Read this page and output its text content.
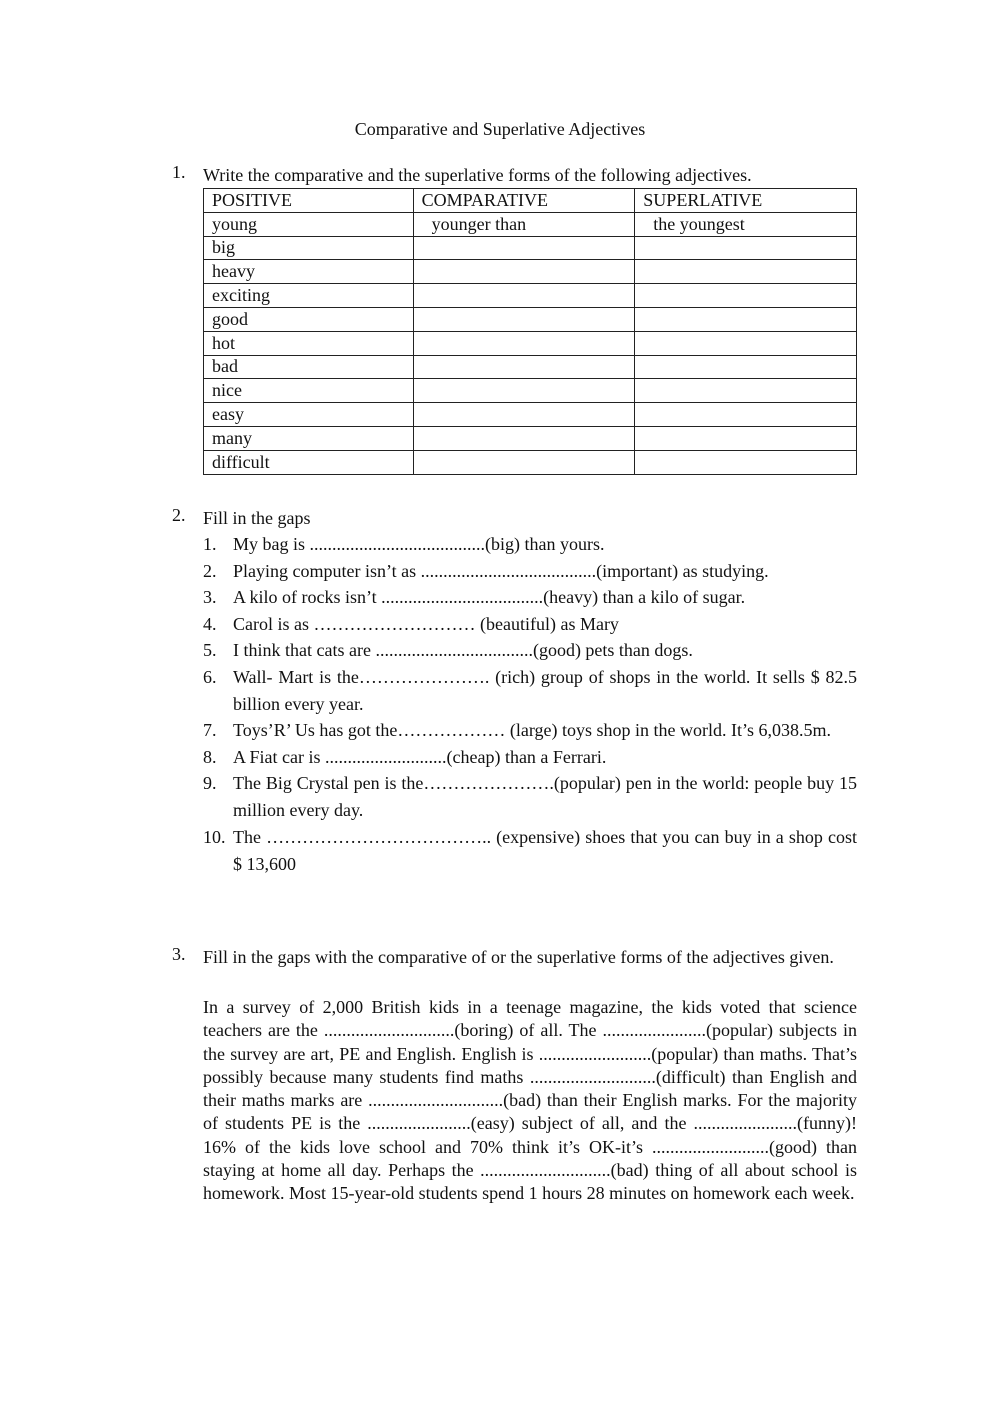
Comparative and Superlative Adjectives
1. Write the comparative and the superlative forms of the following adjectives.
POSITIVE	COMPARATIVE	SUPERLATIVE
young	younger than	the youngest
big		
heavy		
exciting		
good		
hot		
bad		
nice		
easy		
many		
difficult		
2. Fill in the gaps
1. My bag is .......................................(big) than yours.
2. Playing computer isn’t as .......................................(important) as studying.
3. A kilo of rocks isn’t ....................................(heavy) than a kilo of sugar.
4. Carol is as ……………………… (beautiful) as Mary
5. I think that cats are ...................................(good) pets than dogs.
6. Wall- Mart is the…………………. (rich) group of shops in the world. It sells $ 82.5 billion every year.
7. Toys’R’ Us has got the……………… (large) toys shop in the world. It’s 6,038.5m.
8. A Fiat car is ...........................(cheap) than a Ferrari.
9. The Big Crystal pen is the………………….(popular) pen in the world: people buy 15 million every day.
10. The ……………………………….. (expensive) shoes that you can buy in a shop cost $ 13,600
3. Fill in the gaps with the comparative of or the superlative forms of the adjectives given.
In a survey of 2,000 British kids in a teenage magazine, the kids voted that science teachers are the .............................(boring) of all. The .......................(popular) subjects in the survey are art, PE and English. English is .........................(popular) than maths. That’s possibly because many students find maths ............................(difficult) than English and their maths marks are ..............................(bad) than their English marks. For the majority of students PE is the .......................(easy) subject of all, and the .......................(funny)! 16% of the kids love school and 70% think it’s OK-it’s ..........................(good) than staying at home all day. Perhaps the .............................(bad) thing of all about school is homework. Most 15-year-old students spend 1 hours 28 minutes on homework each week.
